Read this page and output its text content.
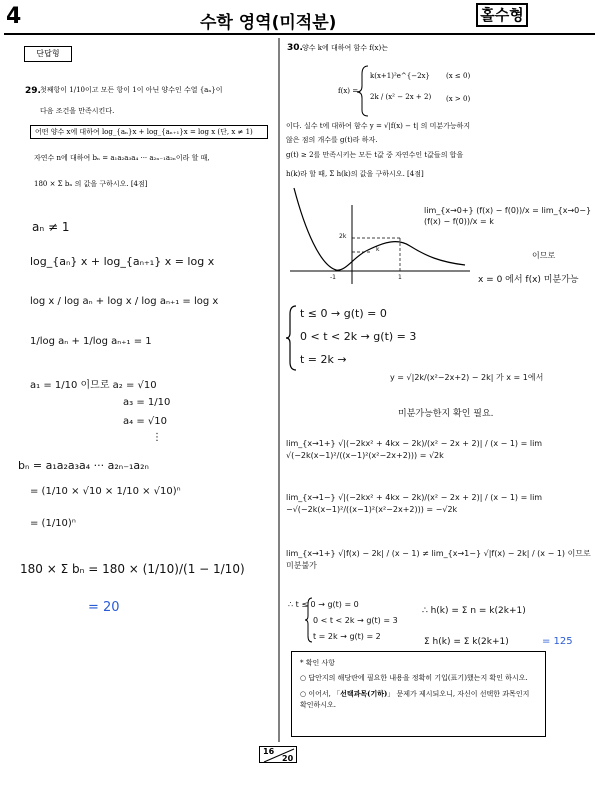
4	수학 영역(미적분)	홀수형
단답형
29. 첫째항이 1/10이고 모든 항이 1이 아닌 양수인 수열 {aₙ}이
다음 조건을 만족시킨다.
어떤 양수 x에 대하여 log_{aₙ}x + log_{aₙ₊₁}x = log x (단, x ≠ 1)
자연수 n에 대하여 bₙ = a₁a₂a₃a₄ ··· a₂ₙ₋₁a₂ₙ이라 할 때,
180 × Σ bₙ 의 값을 구하시오. [4점]
aₙ ≠ 1
log_{aₙ} x + log_{aₙ₊₁} x = log x
log x / log aₙ + log x / log aₙ₊₁ = log x
1/log aₙ + 1/log aₙ₊₁ = 1
a₁ = 1/10 이므로 a₂ = √10
a₃ = 1/10
a₄ = √10
⋮
bₙ = a₁a₂a₃a₄ ··· a₂ₙ₋₁a₂ₙ
= (1/10 × √10 × 1/10 × √10)ⁿ
= (1/10)ⁿ
180 × Σ bₙ = 180 × (1/10)/(1 − 1/10)
= 20
30. 양수 k에 대하여 함수 f(x)는
f(x) =
k(x+1)²e^{−2x} (x ≤ 0)
2k / (x² − 2x + 2) (x > 0)
이다. 실수 t에 대하여 함수 y = √|f(x) − t| 의 미분가능하지
않은 점의 개수를 g(t)라 하자.
g(t) ≥ 2를 만족시키는 모든 t값 중 자연수인 t값들의 합을
h(k)라 할 때, Σ h(k)의 값을 구하시오. [4점]
2k
k
-1	1
lim_{x→0+} (f(x) − f(0))/x = lim_{x→0−} (f(x) − f(0))/x = k
이므로
x = 0 에서 f(x) 미분가능
t ≤ 0 → g(t) = 0
0 < t < 2k → g(t) = 3
t = 2k →
y = √|2k/(x²−2x+2) − 2k| 가 x = 1에서
미분가능한지 확인 필요.
lim_{x→1+} √|(−2kx² + 4kx − 2k)/(x² − 2x + 2)| / (x − 1) = lim √(−2k(x−1)²/((x−1)²(x²−2x+2))) = √2k
lim_{x→1−} √|(−2kx² + 4kx − 2k)/(x² − 2x + 2)| / (x − 1) = lim −√(−2k(x−1)²/((x−1)²(x²−2x+2))) = −√2k
lim_{x→1+} √|f(x) − 2k| / (x − 1) ≠ lim_{x→1−} √|f(x) − 2k| / (x − 1) 이므로 미분불가
∴ t ≤ 0 → g(t) = 0
0 < t < 2k → g(t) = 3
t = 2k → g(t) = 2
∴ h(k) = Σ n = k(2k+1)
Σ h(k) = Σ k(2k+1)	= 125
* 확인 사항
○ 답안지의 해당란에 필요한 내용을 정확히 기입(표기)했는지 확인 하시오.
○ 이어서, 「선택과목(기하)」 문제가 제시되오니, 자신이 선택한 과목인지 확인하시오.
16
20
